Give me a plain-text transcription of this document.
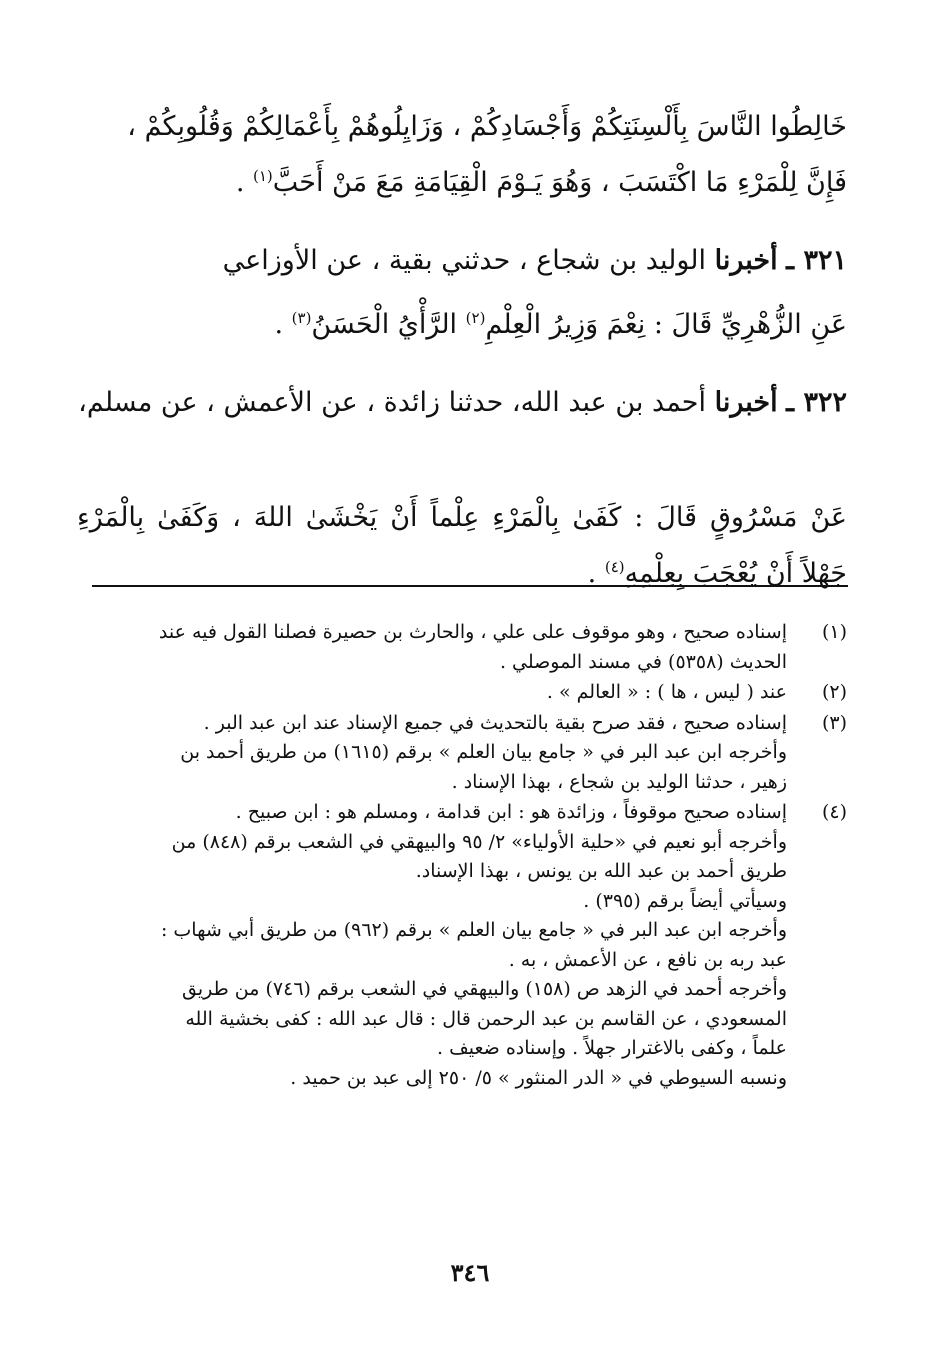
خَالِطُوا النَّاسَ بِأَلْسِنَتِكُمْ وَأَجْسَادِكُمْ ، وَزَايِلُوهُمْ بِأَعْمَالِكُمْ وَقُلُوبِكُمْ ،
فَإِنَّ لِلْمَرْءِ مَا اكْتَسَبَ ، وَهُوَ يَـوْمَ الْقِيَامَةِ مَعَ مَنْ أَحَبَّ$^{(١)}$ .

٣٢١ ـ أخبرنا الوليد بن شجاع ، حدثني بقية ، عن الأوزاعي

عَنِ الزُّهْرِيِّ قَالَ : نِعْمَ وَزِيرُ الْعِلْمِ$^{(٢)}$ الرَّأْيُ الْحَسَنُ$^{(٣)}$ .

٣٢٢ ـ أخبرنا أحمد بن عبد الله، حدثنا زائدة ، عن الأعمش ، عن مسلم،

عَنْ مَسْرُوقٍ قَالَ : كَفَىٰ بِالْمَرْءِ عِلْماً أَنْ يَخْشَىٰ اللهَ ، وَكَفَىٰ بِالْمَرْءِ جَهْلاً أَنْ يُعْجَبَ بِعِلْمِهِ$^{(٤)}$ .

(١)
إسناده صحيح ، وهو موقوف على علي ، والحارث بن حصيرة فصلنا القول فيه عند
الحديث (٥٣٥٨) في مسند الموصلي .

(٢)
عند ( ليس ، ها ) : « العالم » .

(٣)
إسناده صحيح ، فقد صرح بقية بالتحديث في جميع الإسناد عند ابن عبد البر .
وأخرجه ابن عبد البر في « جامع بيان العلم » برقم (١٦١٥) من طريق أحمد بن
زهير ، حدثنا الوليد بن شجاع ، بهذا الإسناد .

(٤)
إسناده صحيح موقوفاً ، وزائدة هو : ابن قدامة ، ومسلم هو : ابن صبيح .
وأخرجه أبو نعيم في «حلية الأولياء» ٢/ ٩٥ والبيهقي في الشعب برقم (٨٤٨) من
طريق أحمد بن عبد الله بن يونس ، بهذا الإسناد.
وسيأتي أيضاً برقم (٣٩٥) .
وأخرجه ابن عبد البر في « جامع بيان العلم » برقم (٩٦٢) من طريق أبي شهاب :
عبد ربه بن نافع ، عن الأعمش ، به .
وأخرجه أحمد في الزهد ص (١٥٨) والبيهقي في الشعب برقم (٧٤٦) من طريق
المسعودي ، عن القاسم بن عبد الرحمن قال : قال عبد الله : كفى بخشية الله
علماً ، وكفى بالاغترار جهلاً . وإسناده ضعيف .
ونسبه السيوطي في « الدر المنثور » ٥/ ٢٥٠ إلى عبد بن حميد .

٣٤٦
